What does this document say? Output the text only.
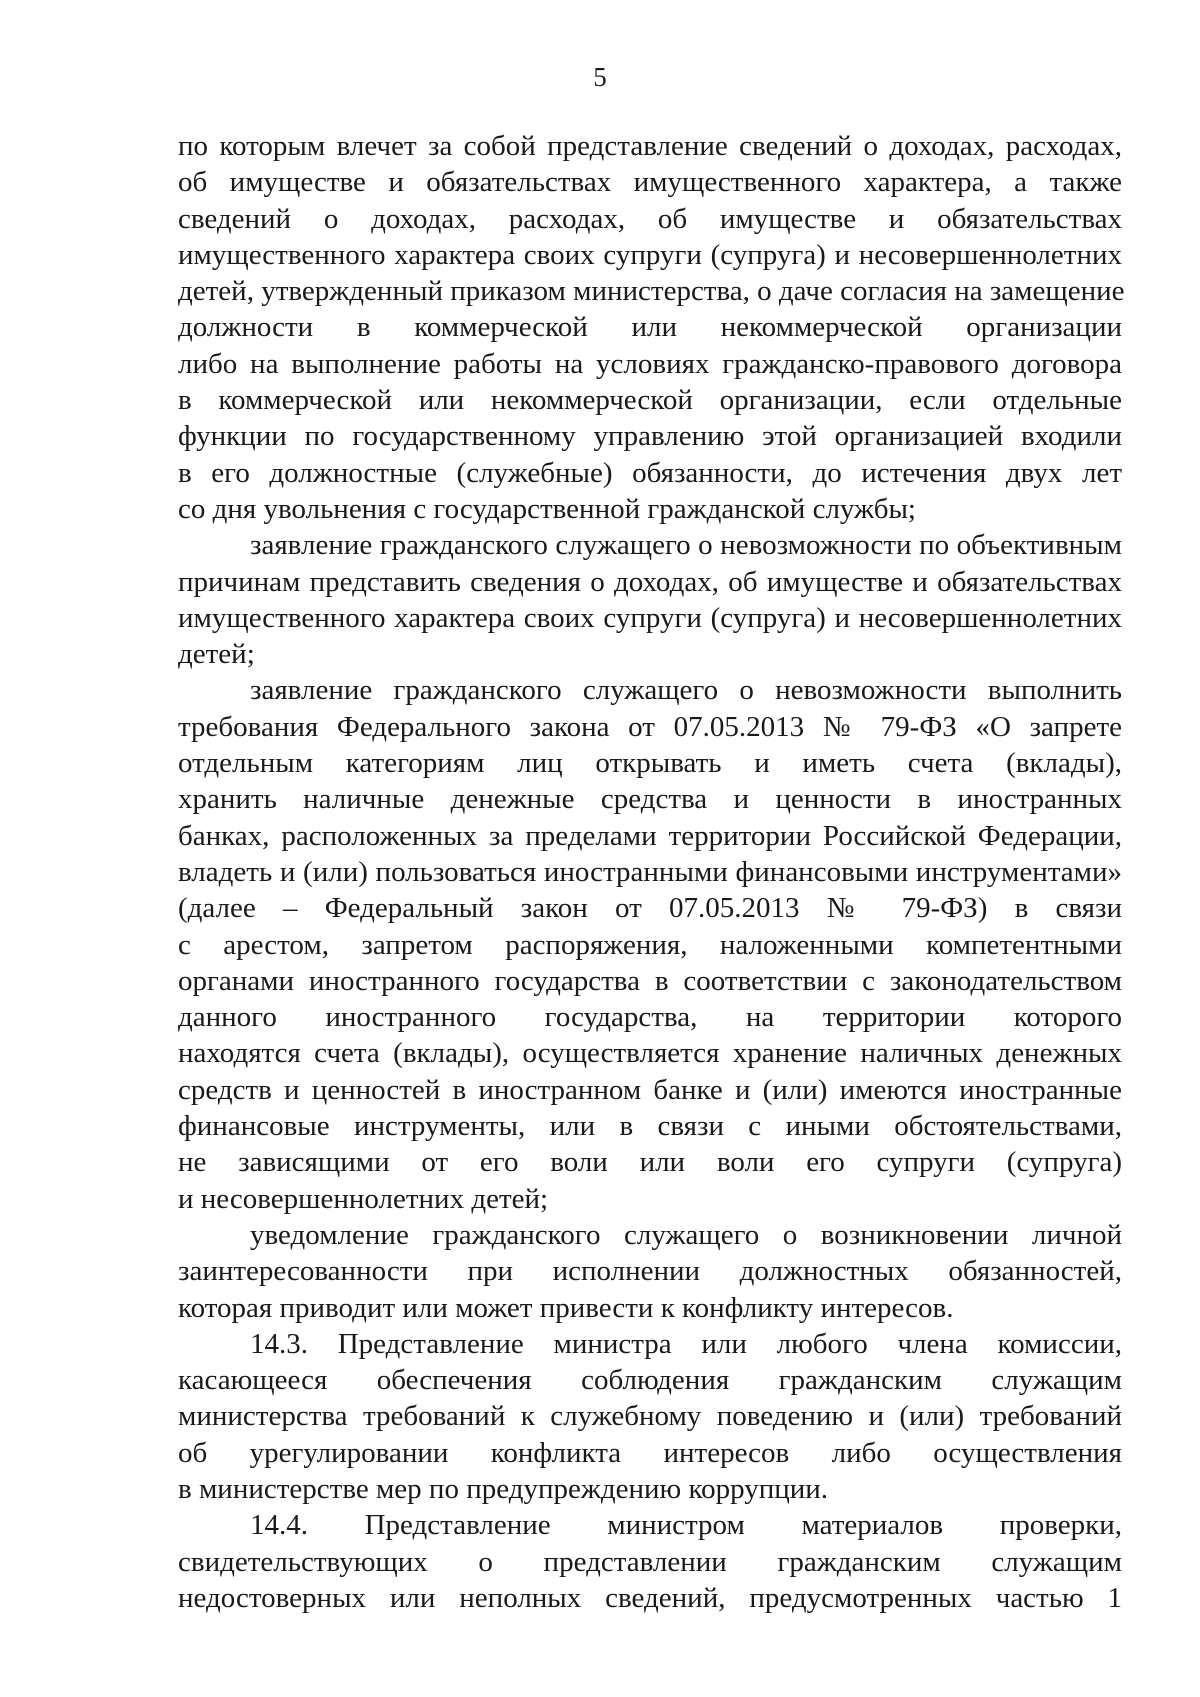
5
по которым влечет за собой представление сведений о доходах, расходах,
об имуществе и обязательствах имущественного характера, а также
сведений о доходах, расходах, об имуществе и обязательствах
имущественного характера своих супруги (супруга) и несовершеннолетних
детей, утвержденный приказом министерства, о даче согласия на замещение
должности в коммерческой или некоммерческой организации
либо на выполнение работы на условиях гражданско-правового договора
в коммерческой или некоммерческой организации, если отдельные
функции по государственному управлению этой организацией входили
в его должностные (служебные) обязанности, до истечения двух лет
со дня увольнения с государственной гражданской службы;
заявление гражданского служащего о невозможности по объективным
причинам представить сведения о доходах, об имуществе и обязательствах
имущественного характера своих супруги (супруга) и несовершеннолетних
детей;
заявление гражданского служащего о невозможности выполнить
требования Федерального закона от 07.05.2013 № 79-ФЗ «О запрете
отдельным категориям лиц открывать и иметь счета (вклады),
хранить наличные денежные средства и ценности в иностранных
банках, расположенных за пределами территории Российской Федерации,
владеть и (или) пользоваться иностранными финансовыми инструментами»
(далее – Федеральный закон от 07.05.2013 № 79-ФЗ) в связи
с арестом, запретом распоряжения, наложенными компетентными
органами иностранного государства в соответствии с законодательством
данного иностранного государства, на территории которого
находятся счета (вклады), осуществляется хранение наличных денежных
средств и ценностей в иностранном банке и (или) имеются иностранные
финансовые инструменты, или в связи с иными обстоятельствами,
не зависящими от его воли или воли его супруги (супруга)
и несовершеннолетних детей;
уведомление гражданского служащего о возникновении личной
заинтересованности при исполнении должностных обязанностей,
которая приводит или может привести к конфликту интересов.
14.3. Представление министра или любого члена комиссии,
касающееся обеспечения соблюдения гражданским служащим
министерства требований к служебному поведению и (или) требований
об урегулировании конфликта интересов либо осуществления
в министерстве мер по предупреждению коррупции.
14.4. Представление министром материалов проверки,
свидетельствующих о представлении гражданским служащим
недостоверных или неполных сведений, предусмотренных частью 1
